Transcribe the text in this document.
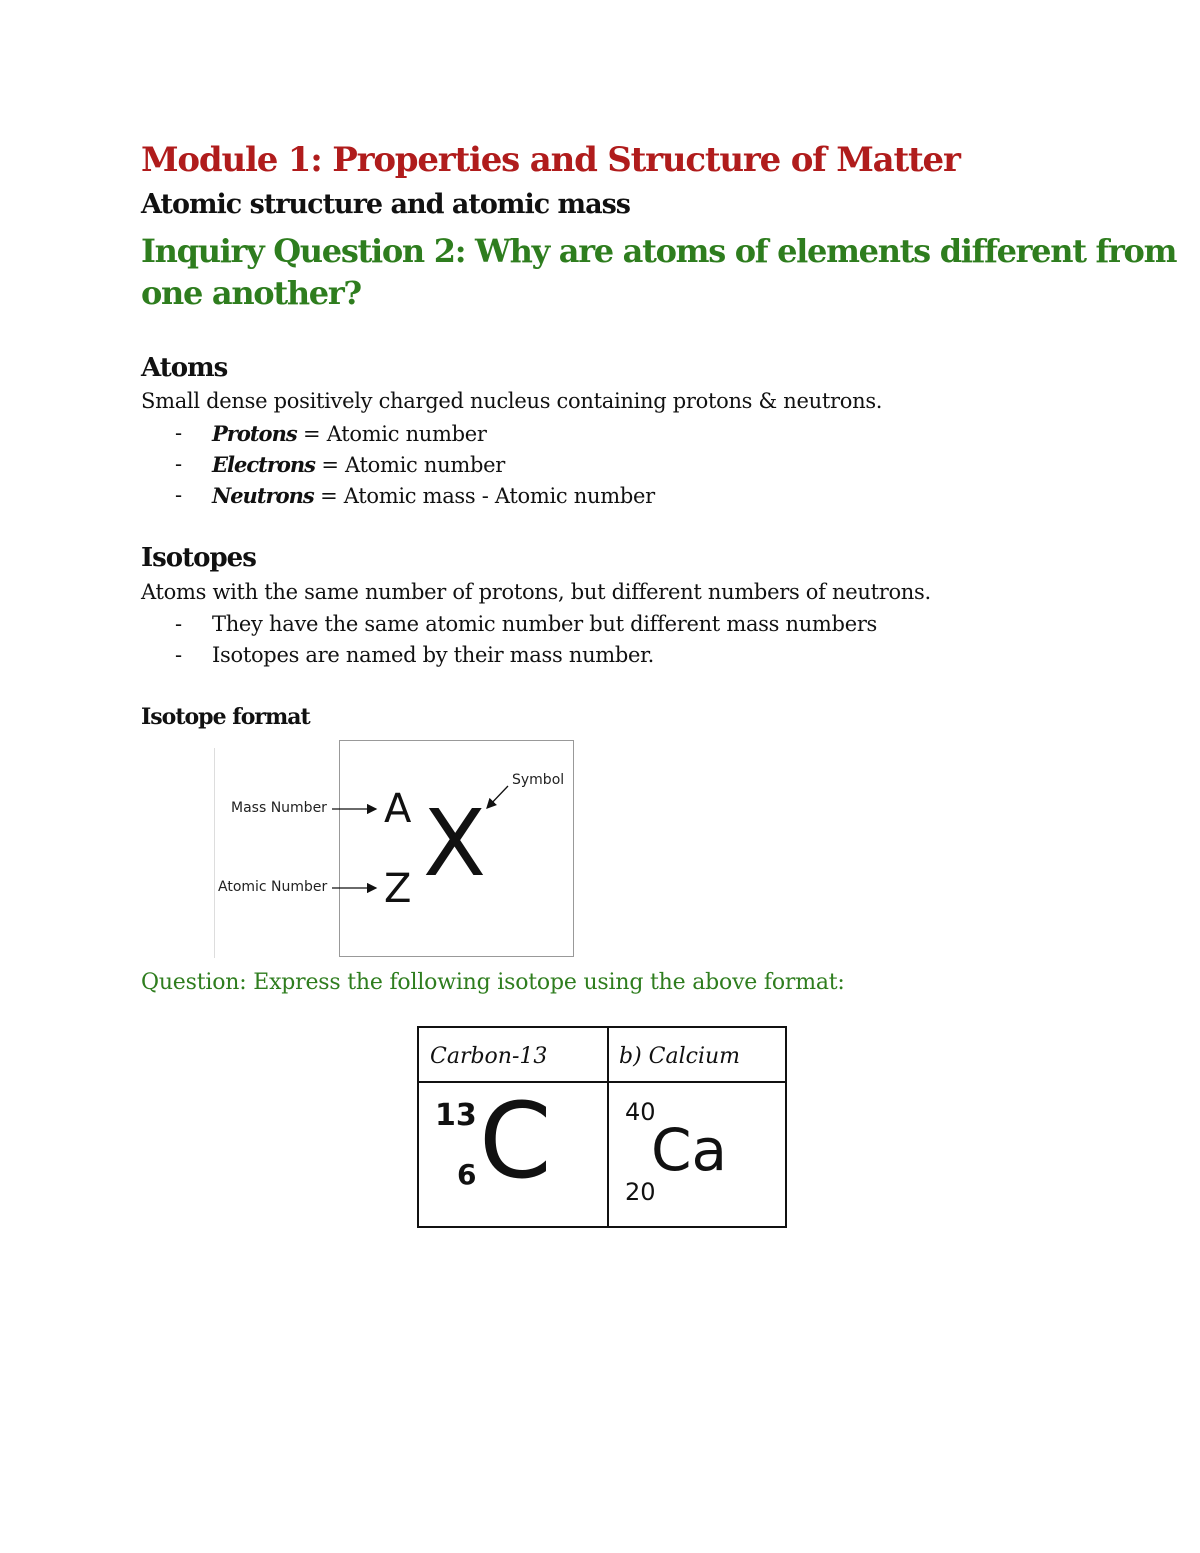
Module 1: Properties and Structure of Matter
Atomic structure and atomic mass
Inquiry Question 2: Why are atoms of elements different from
one another?
Atoms
Small dense positively charged nucleus containing protons & neutrons.
- Protons = Atomic number
- Electrons = Atomic number
- Neutrons = Atomic mass - Atomic number
Isotopes
Atoms with the same number of protons, but different numbers of neutrons.
- They have the same atomic number but different mass numbers
- Isotopes are named by their mass number.
Isotope format
Mass Number
Atomic Number
Symbol
A
Z X
Question: Express the following isotope using the above format:
Carbon-13	b) Calcium
13
6 C	40
20
Ca
